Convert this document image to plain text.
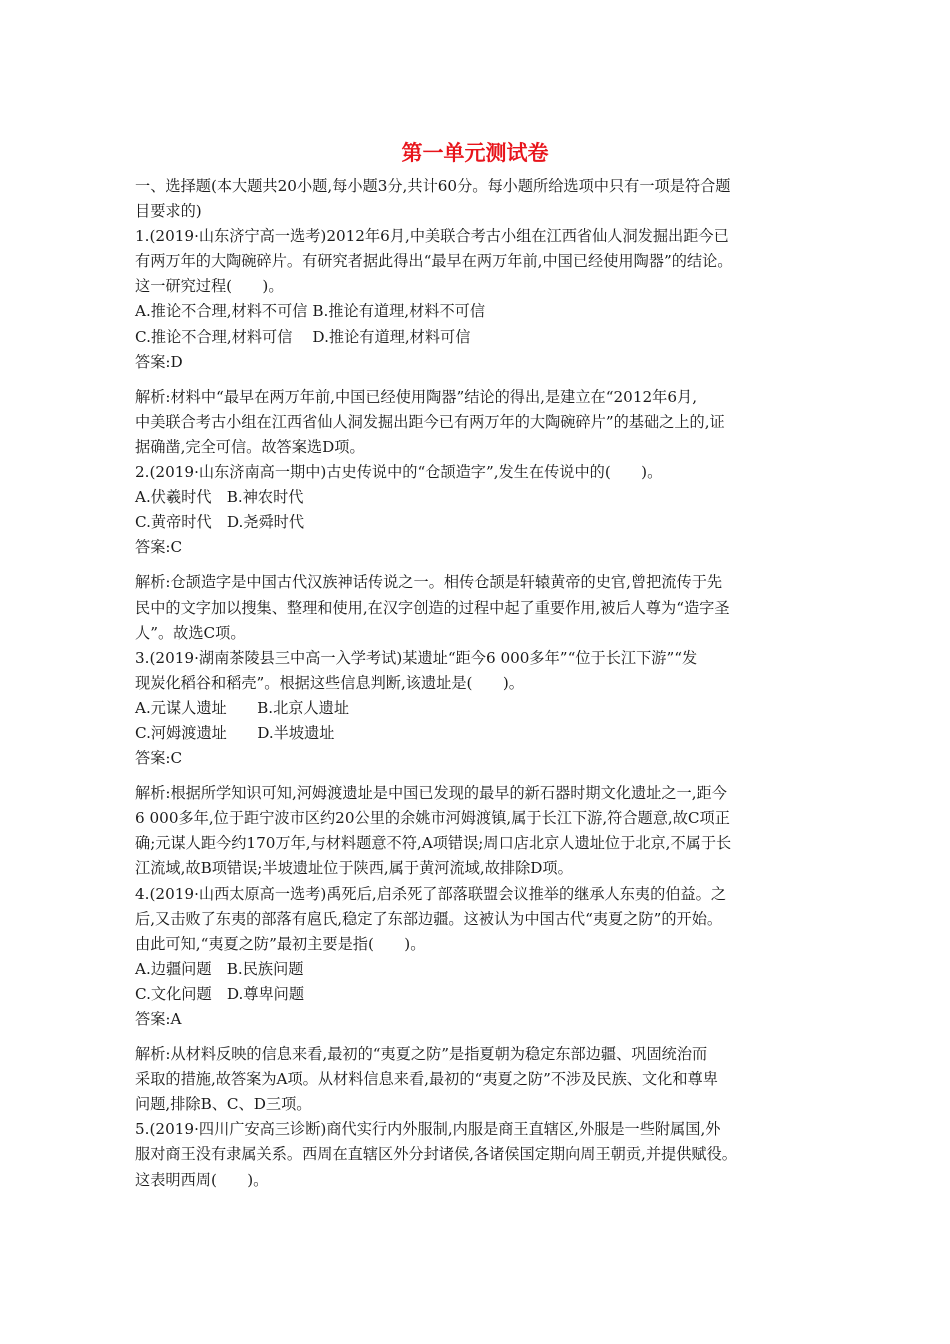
第一单元测试卷
一、选择题(本大题共20小题,每小题3分,共计60分。每小题所给选项中只有一项是符合题
目要求的)
1.(2019·山东济宁高一选考)2012年6月,中美联合考古小组在江西省仙人洞发掘出距今已
有两万年的大陶碗碎片。有研究者据此得出“最早在两万年前,中国已经使用陶器”的结论。
这一研究过程(　　)。
A.推论不合理,材料不可信 B.推论有道理,材料不可信
C.推论不合理,材料可信　 D.推论有道理,材料可信
答案:D
解析:材料中“最早在两万年前,中国已经使用陶器”结论的得出,是建立在“2012年6月,
中美联合考古小组在江西省仙人洞发掘出距今已有两万年的大陶碗碎片”的基础之上的,证
据确凿,完全可信。故答案选D项。
2.(2019·山东济南高一期中)古史传说中的“仓颉造字”,发生在传说中的(　　)。
A.伏羲时代　B.神农时代
C.黄帝时代　D.尧舜时代
答案:C
解析:仓颉造字是中国古代汉族神话传说之一。相传仓颉是轩辕黄帝的史官,曾把流传于先
民中的文字加以搜集、整理和使用,在汉字创造的过程中起了重要作用,被后人尊为“造字圣
人”。故选C项。
3.(2019·湖南茶陵县三中高一入学考试)某遗址“距今6 000多年”“位于长江下游”“发
现炭化稻谷和稻壳”。根据这些信息判断,该遗址是(　　)。
A.元谋人遗址　　B.北京人遗址
C.河姆渡遗址　　D.半坡遗址
答案:C
解析:根据所学知识可知,河姆渡遗址是中国已发现的最早的新石器时期文化遗址之一,距今
6 000多年,位于距宁波市区约20公里的余姚市河姆渡镇,属于长江下游,符合题意,故C项正
确;元谋人距今约170万年,与材料题意不符,A项错误;周口店北京人遗址位于北京,不属于长
江流域,故B项错误;半坡遗址位于陕西,属于黄河流域,故排除D项。
4.(2019·山西太原高一选考)禹死后,启杀死了部落联盟会议推举的继承人东夷的伯益。之
后,又击败了东夷的部落有扈氏,稳定了东部边疆。这被认为中国古代“夷夏之防”的开始。
由此可知,“夷夏之防”最初主要是指(　　)。
A.边疆问题　B.民族问题
C.文化问题　D.尊卑问题
答案:A
解析:从材料反映的信息来看,最初的“夷夏之防”是指夏朝为稳定东部边疆、巩固统治而
采取的措施,故答案为A项。从材料信息来看,最初的“夷夏之防”不涉及民族、文化和尊卑
问题,排除B、C、D三项。
5.(2019·四川广安高三诊断)商代实行内外服制,内服是商王直辖区,外服是一些附属国,外
服对商王没有隶属关系。西周在直辖区外分封诸侯,各诸侯国定期向周王朝贡,并提供赋役。
这表明西周(　　)。
